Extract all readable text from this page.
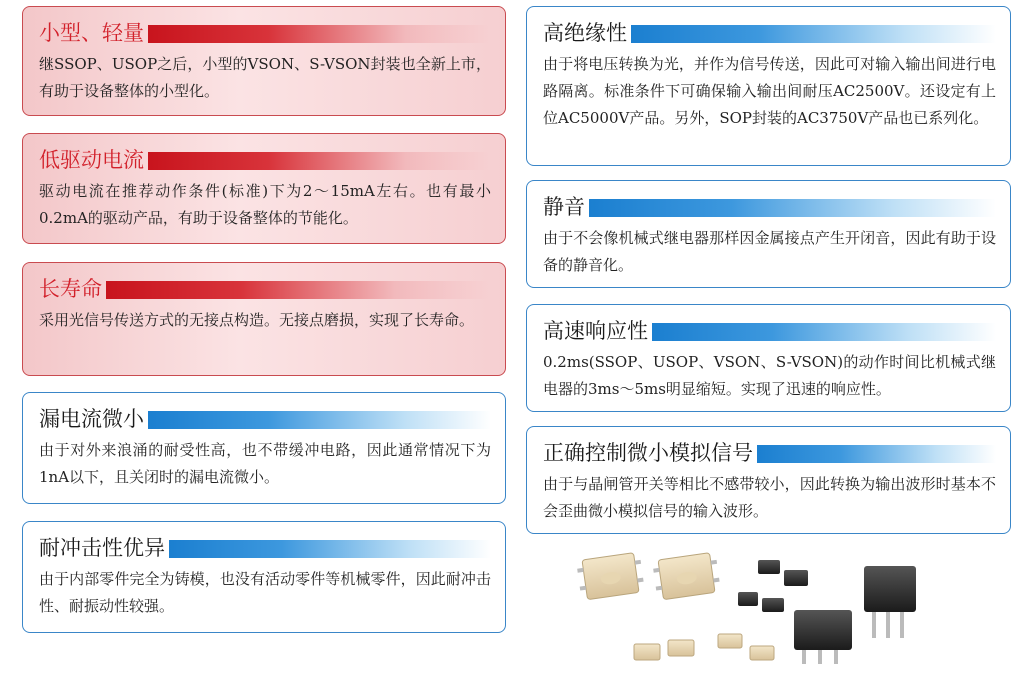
小型、轻量
继SSOP、USOP之后，小型的VSON、S-VSON封装也全新上市，有助于设备整体的小型化。
低驱动电流
驱动电流在推荐动作条件(标准)下为2～15mA左右。也有最小0.2mA的驱动产品，有助于设备整体的节能化。
长寿命
采用光信号传送方式的无接点构造。无接点磨损，实现了长寿命。
漏电流微小
由于对外来浪涌的耐受性高，也不带缓冲电路，因此通常情况下为1nA以下，且关闭时的漏电流微小。
耐冲击性优异
由于内部零件完全为铸模，也没有活动零件等机械零件，因此耐冲击性、耐振动性较强。
高绝缘性
由于将电压转换为光，并作为信号传送，因此可对输入输出间进行电路隔离。标准条件下可确保输入输出间耐压AC2500V。还设定有上位AC5000V产品。另外，SOP封装的AC3750V产品也已系列化。
静音
由于不会像机械式继电器那样因金属接点产生开闭音，因此有助于设备的静音化。
高速响应性
0.2ms(SSOP、USOP、VSON、S-VSON)的动作时间比机械式继电器的3ms～5ms明显缩短。实现了迅速的响应性。
正确控制微小模拟信号
由于与晶闸管开关等相比不感带较小，因此转换为输出波形时基本不会歪曲微小模拟信号的输入波形。
